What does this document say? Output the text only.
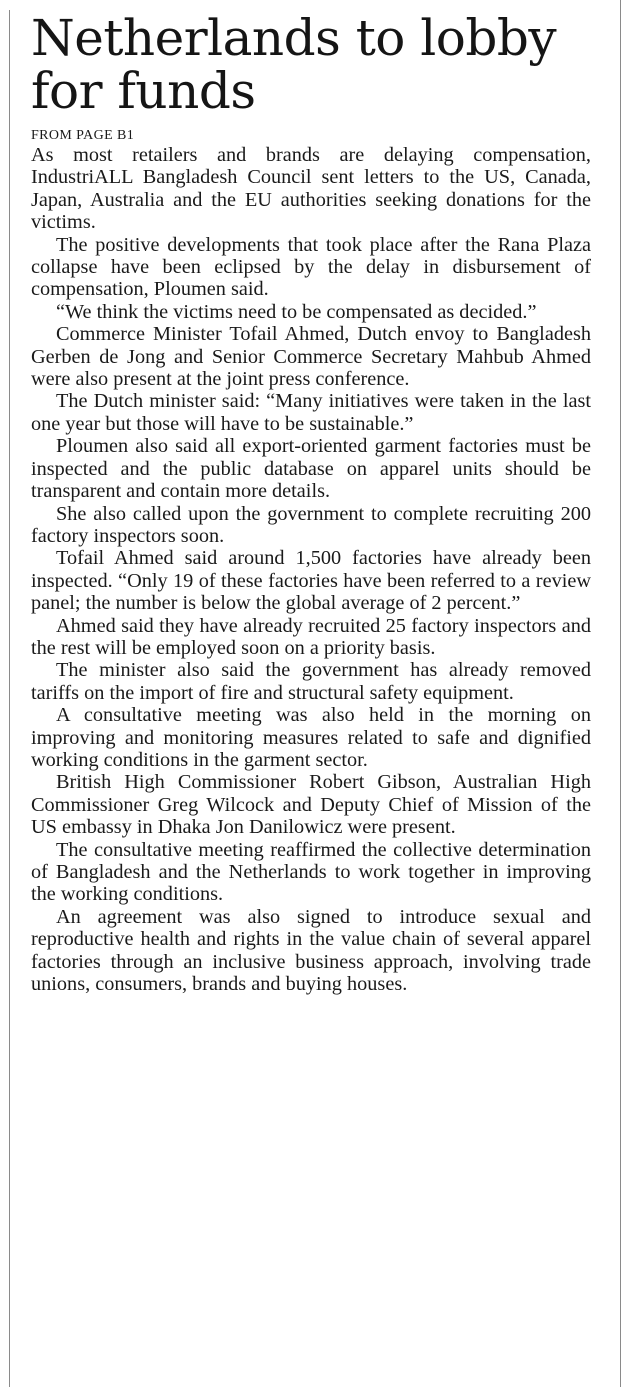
Netherlands to lobby
for funds
FROM PAGE B1

As most retailers and brands are delaying compensation, IndustriALL Bangladesh Council sent letters to the US, Canada, Japan, Australia and the EU authorities seeking donations for the victims.

The positive developments that took place after the Rana Plaza collapse have been eclipsed by the delay in disbursement of compensation, Ploumen said.

“We think the victims need to be compensated as decided.”

Commerce Minister Tofail Ahmed, Dutch envoy to Bangladesh Gerben de Jong and Senior Commerce Secretary Mahbub Ahmed were also present at the joint press conference.

The Dutch minister said: “Many initiatives were taken in the last one year but those will have to be sustainable.”

Ploumen also said all export-oriented garment factories must be inspected and the public database on apparel units should be transparent and contain more details.

She also called upon the government to complete recruiting 200 factory inspectors soon.

Tofail Ahmed said around 1,500 factories have already been inspected. “Only 19 of these factories have been referred to a review panel; the number is below the global average of 2 percent.”

Ahmed said they have already recruited 25 factory inspectors and the rest will be employed soon on a priority basis.

The minister also said the government has already removed tariffs on the import of fire and structural safety equipment.

A consultative meeting was also held in the morning on improving and monitoring measures related to safe and dignified working conditions in the garment sector.

British High Commissioner Robert Gibson, Australian High Commissioner Greg Wilcock and Deputy Chief of Mission of the US embassy in Dhaka Jon Danilowicz were present.

The consultative meeting reaffirmed the collective determination of Bangladesh and the Netherlands to work together in improving the working conditions.

An agreement was also signed to introduce sexual and reproductive health and rights in the value chain of several apparel factories through an inclusive business approach, involving trade unions, consumers, brands and buying houses.
